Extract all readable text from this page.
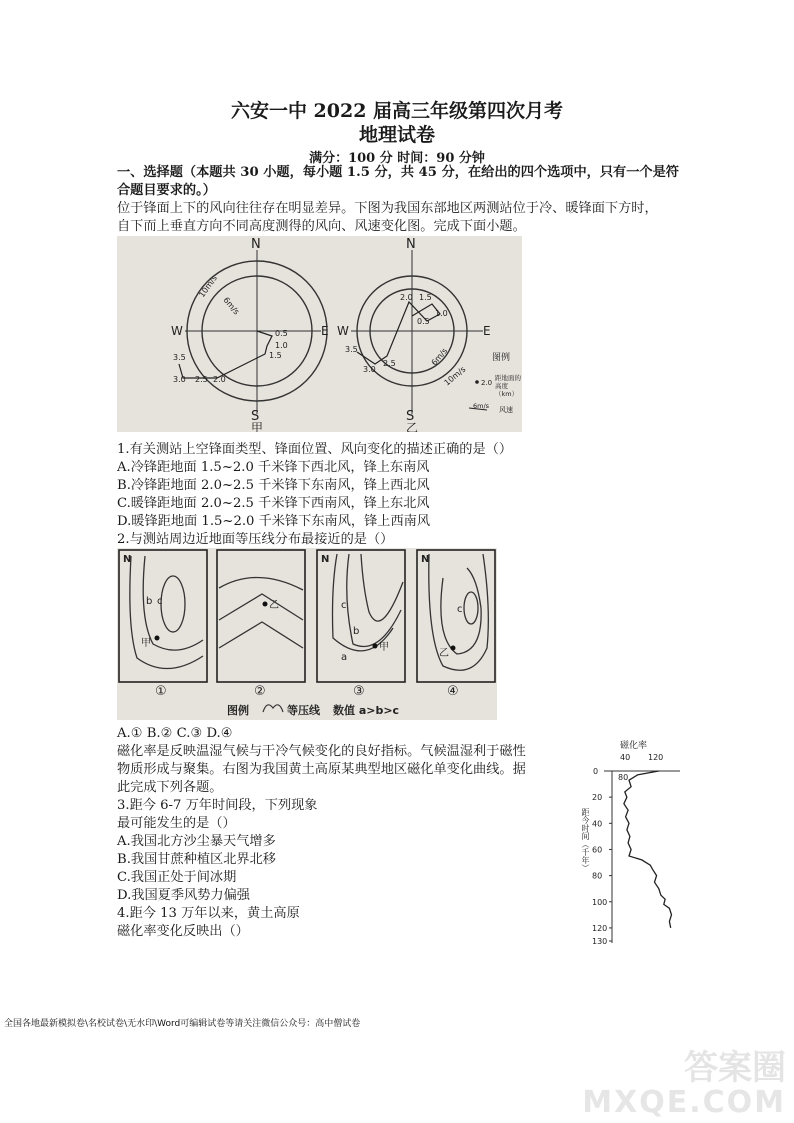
六安一中 2022 届高三年级第四次月考
地理试卷
满分：100 分 时间：90 分钟
一、选择题（本题共 30 小题，每小题 1.5 分，共 45 分，在给出的四个选项中，只有一个是符
合题目要求的。）
位于锋面上下的风向往往存在明显差异。下图为我国东部地区两测站位于冷、暖锋面下方时，
自下而上垂直方向不同高度测得的风向、风速变化图。完成下面小题。
N
S
甲
W	E
10m/s
6m/s
0.5
1.0
1.5
2.0
2.5
3.0
3.5
N
S
乙
W	E
6m/s
10m/s
2.0 1.5
1.0
0.5
2.5
3.0
3.5
图例
2.0
距地面的高度（km）
6m/s 风速
1.有关测站上空锋面类型、锋面位置、风向变化的描述正确的是（）
A.冷锋距地面 1.5~2.0 千米锋下西北风，锋上东南风
B.冷锋距地面 2.0~2.5 千米锋下东南风，锋上西北风
C.暖锋距地面 2.0~2.5 千米锋下西南风，锋上东北风
D.暖锋距地面 1.5~2.0 千米锋下东南风，锋上西南风
2.与测站周边近地面等压线分布最接近的是（）
N
b c
甲
①
乙
②
N
c
b
a
甲
③
N
c
乙
④
图例	等压线 数值 a>b>c
A.① B.② C.③ D.④
磁化率是反映温湿气候与干冷气候变化的良好指标。气候温湿利于磁性
物质形成与聚集。右图为我国黄土高原某典型地区磁化单变化曲线。据
此完成下列各题。
3.距今 6-7 万年时间段，下列现象
最可能发生的是（）
A.我国北方沙尘暴天气增多
B.我国甘蔗种植区北界北移
C.我国正处于间冰期
D.我国夏季风势力偏强
4.距今 13 万年以来，黄土高原
磁化率变化反映出（）
磁化率
40 120
0
80
20
40
60
80
100
120
130
距今时间（千年）
全国各地最新模拟卷\名校试卷\无水印\Word可编辑试卷等请关注微信公众号：高中僧试卷
答案圈
MXQE.COM
